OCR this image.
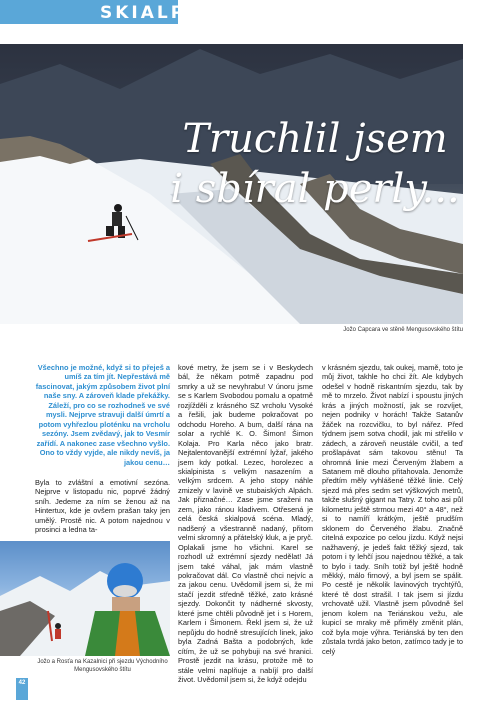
SKIALP
Truchlil jsem
i sbíral perly...
Jožo Capcara ve stěně Mengusovského štítu

Všechno je možné, když si to přeješ a umíš za tím jít. Nepřestává mě fascinovat, jakým způsobem život plní naše sny. A zároveň klade překážky. Záleží, pro co se rozhodneš ve své mysli. Nejprve stravuji další úmrtí a potom vyhřezlou ploténku na vrcholu sezóny. Jsem zvědavý, jak to Vesmír zařídí. A nakonec zase všechno vyšlo. Ono to vždy vyjde, ale nikdy nevíš, ja jakou cenu…

Byla to zvláštní a emotivní sezóna. Nejprve v listopadu nic, poprvé žádný sníh. Jedeme za ním se ženou až na Hintertux, kde je ovšem prašan taky jen umělý. Prostě nic. A potom najednou v prosinci a ledna ta-

kové metry, že jsem se i v Beskydech bál, že někam potmě zapadnu pod smrky a už se nevyhrabu! V únoru jsme se s Karlem Svobodou pomalu a opatrně rozjížděli z krásného SZ vrcholu Vysoké a řešili, jak budeme pokračovat po odchodu Horeho. A bum, další rána na solar a rychlé K. O. Šimon! Šimon Kolaja. Pro Karla něco jako bratr. Nejtalentovanější extrémní lyžař, jakého jsem kdy potkal. Lezec, horolezec a skialpinista s velkým nasazením a velkým srdcem. A jeho stopy náhle zmizely v lavině ve stubaiských Alpách. Jak přiznačné… Zase jsme sraženi na zem, jako ránou kladivem. Otřesená je celá česká skialpová scéna. Mladý, nadšený a všestranně nadaný, přitom velmi skromný a přátelský kluk, a je pryč. Oplakali jsme ho všichni. Karel se rozhodl už extrémní sjezdy nedělat! Já jsem také váhal, jak mám vlastně pokračovat dál. Co vlastně chci nejvíc a za jakou cenu. Uvědomil jsem si, že mi stačí jezdit středně těžké, zato krásné sjezdy. Dokončit ty nádherné skvosty, které jsme chtěli původně jet i s Horem, Karlem i Šimonem. Řekl jsem si, že už nepůjdu do hodně stresujících linek, jako byla Zadná Bašta a podobných, kde cítím, že už se pohybuji na své hranici. Prostě jezdit na krásu, protože mě to stále velmi naplňuje a nabíjí pro další život. Uvědomil jsem si, že když odejdu

v krásném sjezdu, tak oukej, mamě, toto je můj život, takhle ho chci žít. Ale kdybych odešel v hodně riskantním sjezdu, tak by mě to mrzelo. Život nabízí i spoustu jiných krás a jiných možností, jak se rozvíjet, nejen podniky v horách! Takže Satanův žáček na rozcvičku, to byl nářez. Před týdnem jsem sotva chodil, jak mi střelilo v zádech, a zároveň neustále cvičil, a teď prošlapávat sám takovou stěnu! Ta ohromná linie mezi Červeným žlabem a Satanem mě dlouho přitahovala. Jenomže předtím měly vyhlášené těžké linie. Celý sjezd má přes sedm set výškových metrů, takže slušný gigant na Tatry. Z toho asi půl kilometru ještě strmou mezi 40° a 48°, než si to namíří krátkým, ještě prudším sklonem do Červeného žlabu. Značně citelná expozice po celou jízdu. Když nejsi nažhavený, je jedeš fakt těžký sjezd, tak potom i ty lehčí jsou najednou těžké, a tak to bylo i tady. Sníh totiž byl ještě hodně měkký, málo firnový, a byl jsem se spálit. Po cestě je několik lavinových trychtýřů, které tě dost strašil. I tak jsem si jízdu vrchovatě užil. Vlastně jsem původně šel jenom kolem na Teriánskou vežu, ale kupicí se mraky mě přiměly změnit plán, což byla moje výhra. Teriánská by ten den zůstala tvrdá jako beton, zatímco tady je to celý

Jožo a Rosťa na Kazalnici při sjezdu Východního Mengusovského štítu
42
